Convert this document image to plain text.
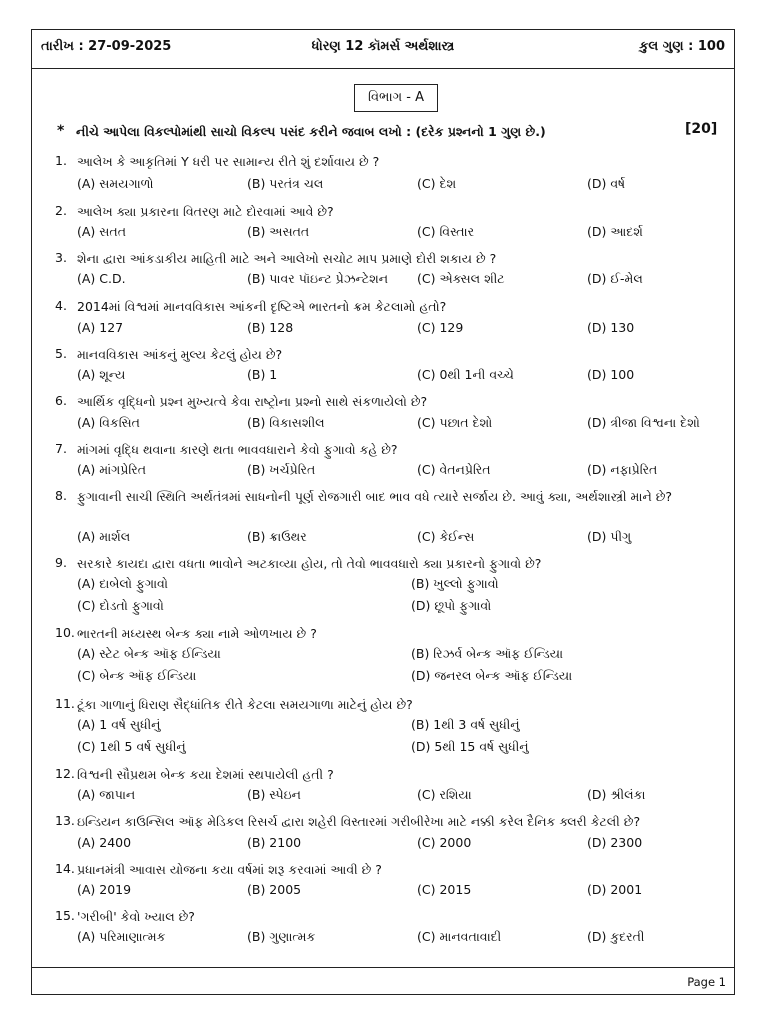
તારીખ : 27-09-2025	ધોરણ 12 કૉમર્સ અર્થશાસ્ત્ર	કુલ ગુણ : 100
વિભાગ - A
* નીચે આપેલા વિકલ્પોમાંથી સાચો વિકલ્પ પસંદ કરીને જવાબ લખો : (દરેક પ્રશ્નનો 1 ગુણ છે.)	[20]
1. આલેખ કે આકૃતિમાં Y ધરી પર સામાન્ય રીતે શું દર્શાવાય છે ?
(A) સમયગાળો	(B) પરતંત્ર ચલ	(C) દેશ	(D) વર્ષ
2. આલેખ ક્યા પ્રકારના વિતરણ માટે દોરવામાં આવે છે?
(A) સતત	(B) અસતત	(C) વિસ્તાર	(D) આદર્શ
3. શેના દ્વારા આંકડાકીય માહિતી માટે અને આલેખો સચોટ માપ પ્રમાણે દોરી શકાય છે ?
(A) C.D.	(B) પાવર પૉઇન્ટ પ્રેઝન્ટેશન (C) એક્સલ શીટ	(D) ઈ-મેલ
4. 2014માં વિશ્વમાં માનવવિકાસ આંકની દૃષ્ટિએ ભારતનો ક્રમ કેટલામો હતો?
(A) 127	(B) 128	(C) 129	(D) 130
5. માનવવિકાસ આંકનું મુલ્ય કેટલું હોય છે?
(A) શૂન્ય	(B) 1	(C) 0થી 1ની વચ્ચે	(D) 100
6. આર્થિક વૃદ્ધિનો પ્રશ્ન મુખ્યત્વે કેવા રાષ્ટ્રોના પ્રશ્નો સાથે સંકળાયેલો છે?
(A) વિકસિત	(B) વિકાસશીલ	(C) પછાત દેશો	(D) ત્રીજા વિશ્વના દેશો
7. માંગમાં વૃદ્ધિ થવાના કારણે થતા ભાવવધારાને કેવો ફુગાવો કહે છે?
(A) માંગપ્રેરિત	(B) ખર્ચપ્રેરિત	(C) વેતનપ્રેરિત	(D) નફાપ્રેરિત
8. ફુગાવાની સાચી સ્થિતિ અર્થતંત્રમાં સાધનોની પૂર્ણ રોજગારી બાદ ભાવ વધે ત્યારે સર્જાય છે. આવું ક્યા, અર્થશાસ્ત્રી માને છે?
(A) માર્શલ	(B) ક્રાઉથર	(C) કેઈન્સ	(D) પીગુ
9. સરકારે કાયદા દ્વારા વધતા ભાવોને અટકાવ્યા હોય, તો તેવો ભાવવધારો ક્યા પ્રકારનો ફુગાવો છે?
(A) દાબેલો ફુગાવો	(B) ખુલ્લો ફુગાવો
(C) દોડતો ફુગાવો	(D) છૂપો ફુગાવો
10. ભારતની મધ્યસ્થ બેન્ક ક્યા નામે ઓળખાય છે ?
(A) સ્ટેટ બેન્ક ઑફ ઈન્ડિયા	(B) રિઝર્વ બેન્ક ઑફ ઈન્ડિયા
(C) બેન્ક ઑફ ઈન્ડિયા	(D) જનરલ બેન્ક ઑફ ઈન્ડિયા
11. ટૂંકા ગાળાનું ધિરાણ સૈદ્ધાંતિક રીતે કેટલા સમયગાળા માટેનું હોય છે?
(A) 1 વર્ષ સુધીનું	(B) 1થી 3 વર્ષ સુધીનું
(C) 1થી 5 વર્ષ સુધીનું	(D) 5થી 15 વર્ષ સુધીનું
12. વિશ્વની સૌપ્રથમ બેન્ક કયા દેશમાં સ્થપાયેલી હતી ?
(A) જાપાન	(B) સ્પેઇન	(C) રશિયા	(D) શ્રીલંકા
13. ઇન્ડિયન કાઉન્સિલ ઑફ મેડિકલ રિસર્ચ દ્વારા શહેરી વિસ્તારમાં ગરીબીરેખા માટે નક્કી કરેલ દૈનિક ક્લરી કેટલી છે?
(A) 2400	(B) 2100	(C) 2000	(D) 2300
14. પ્રધાનમંત્રી આવાસ યોજના કયા વર્ષમાં શરૂ કરવામાં આવી છે ?
(A) 2019	(B) 2005	(C) 2015	(D) 2001
15. 'ગરીબી' કેવો ખ્યાલ છે?
(A) પરિમાણાત્મક	(B) ગુણાત્મક	(C) માનવતાવાદી	(D) કુદરતી
Page 1
